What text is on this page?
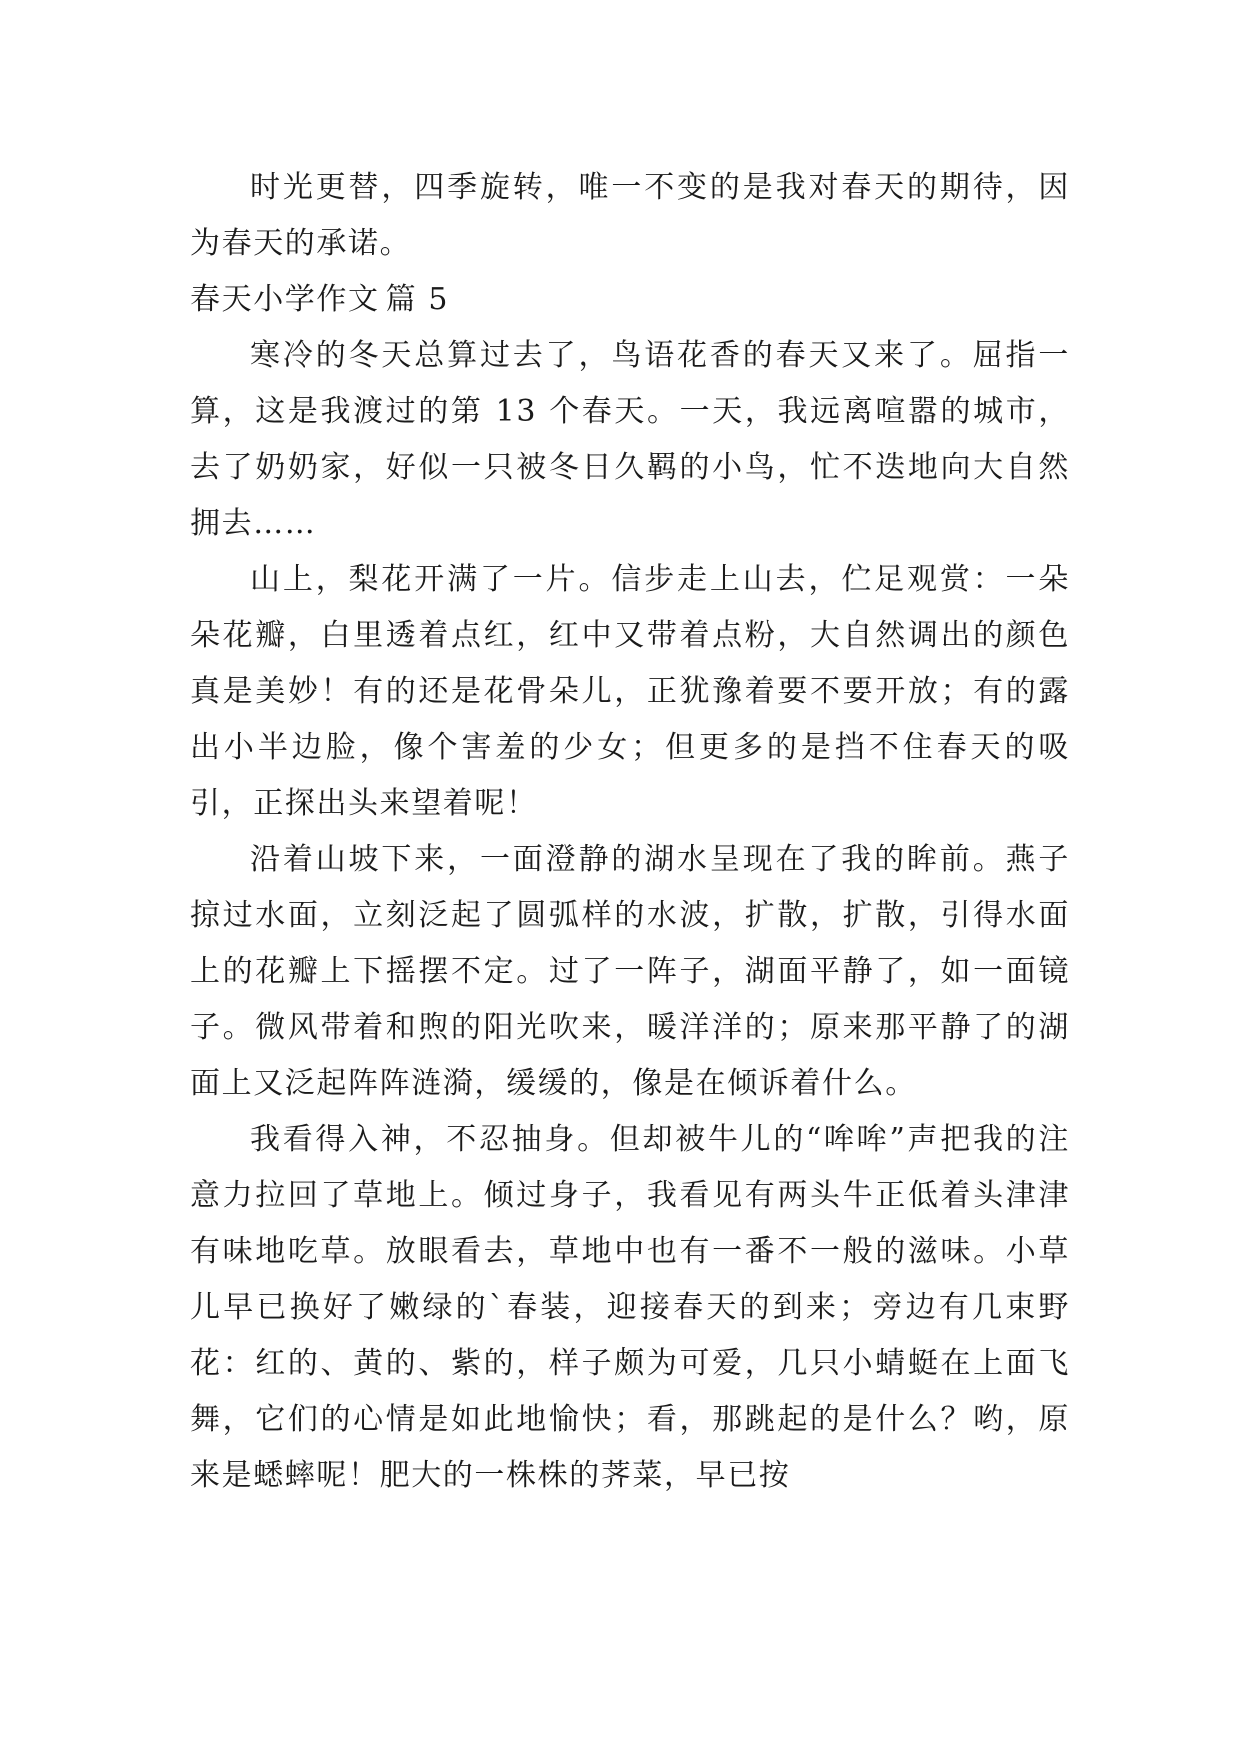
时光更替，四季旋转，唯一不变的是我对春天的期待，因为春天的承诺。

春天小学作文 篇 5

寒冷的冬天总算过去了，鸟语花香的春天又来了。屈指一算，这是我渡过的第 13 个春天。一天，我远离喧嚣的城市，去了奶奶家，好似一只被冬日久羁的小鸟，忙不迭地向大自然拥去……

山上，梨花开满了一片。信步走上山去，伫足观赏：一朵朵花瓣，白里透着点红，红中又带着点粉，大自然调出的颜色真是美妙！有的还是花骨朵儿，正犹豫着要不要开放；有的露出小半边脸，像个害羞的少女；但更多的是挡不住春天的吸引，正探出头来望着呢！

沿着山坡下来，一面澄静的湖水呈现在了我的眸前。燕子掠过水面，立刻泛起了圆弧样的水波，扩散，扩散，引得水面上的花瓣上下摇摆不定。过了一阵子，湖面平静了，如一面镜子。微风带着和煦的阳光吹来，暖洋洋的；原来那平静了的湖面上又泛起阵阵涟漪，缓缓的，像是在倾诉着什么。

我看得入神，不忍抽身。但却被牛儿的“哞哞”声把我的注意力拉回了草地上。倾过身子，我看见有两头牛正低着头津津有味地吃草。放眼看去，草地中也有一番不一般的滋味。小草儿早已换好了嫩绿的`春装，迎接春天的到来；旁边有几束野花：红的、黄的、紫的，样子颇为可爱，几只小蜻蜓在上面飞舞，它们的心情是如此地愉快；看，那跳起的是什么？哟，原来是蟋蟀呢！肥大的一株株的荠菜，早已按
